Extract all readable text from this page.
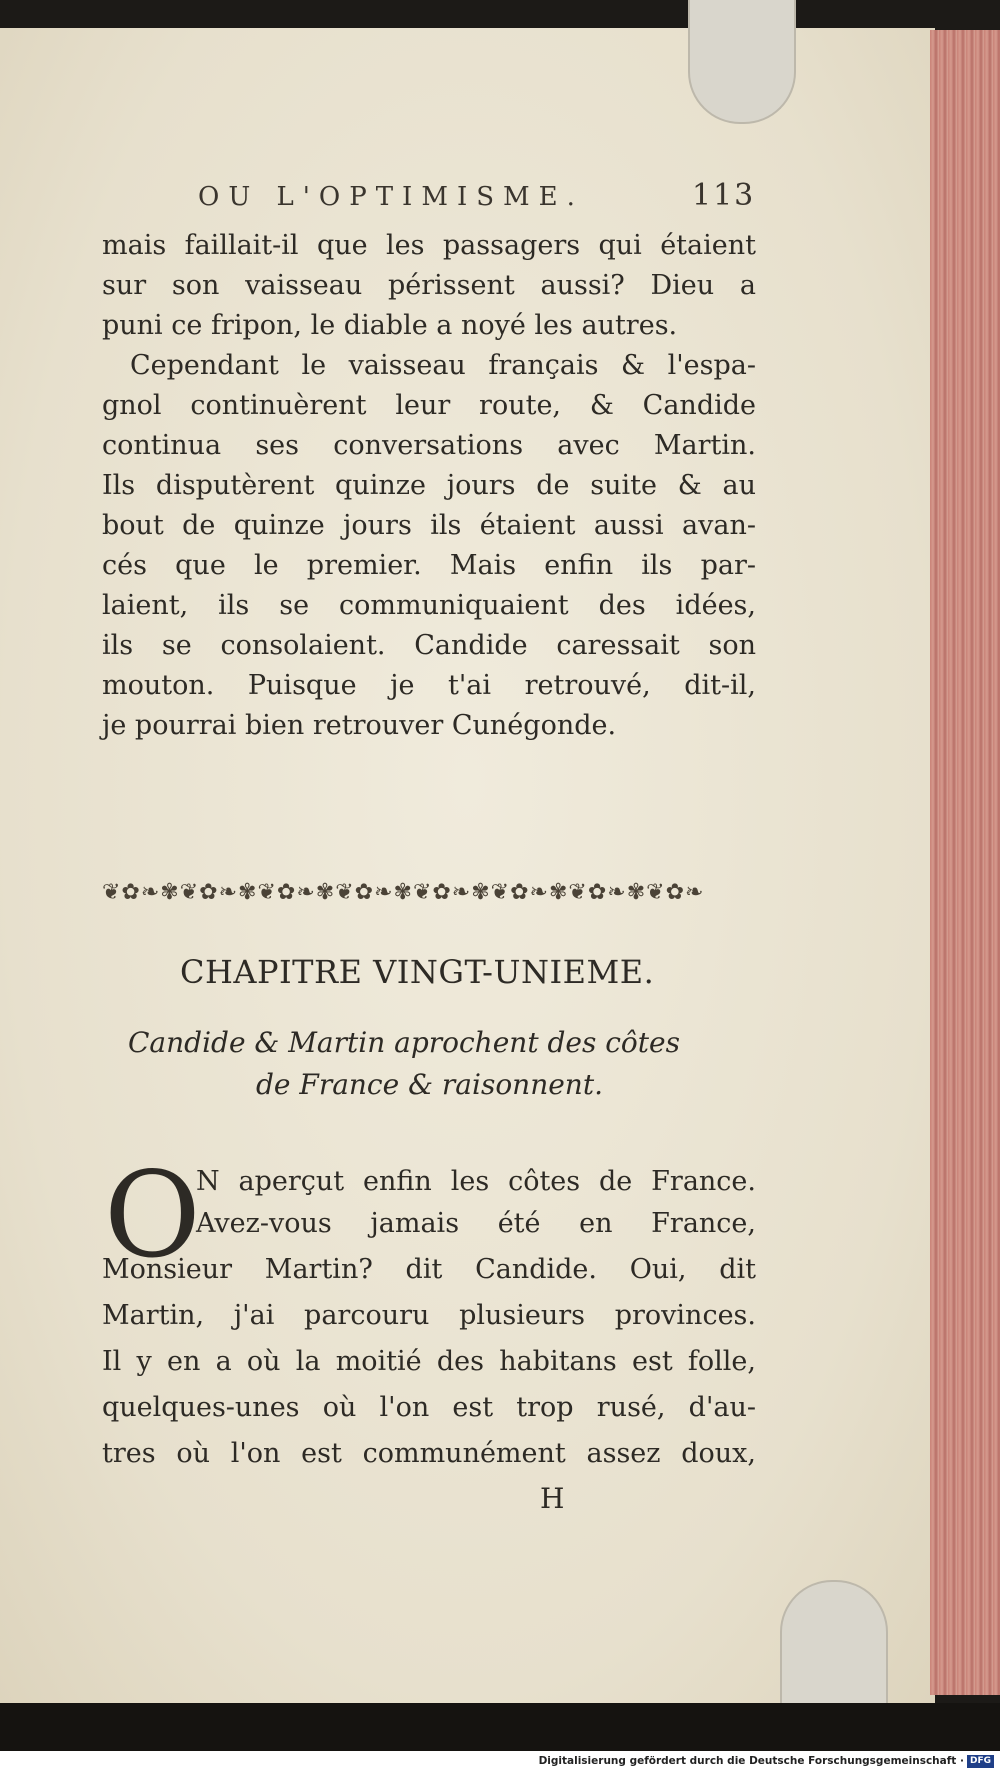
OU L'OPTIMISME.	113
mais faillait-il que les passagers qui étaient
sur son vaisseau périssent aussi? Dieu a
puni ce fripon, le diable a noyé les autres.
Cependant le vaisseau français & l'espa-
gnol continuèrent leur route, & Candide
continua ses conversations avec Martin.
Ils disputèrent quinze jours de suite & au
bout de quinze jours ils étaient aussi avan-
cés que le premier. Mais enfin ils par-
laient, ils se communiquaient des idées,
ils se consolaient. Candide caressait son
mouton. Puisque je t'ai retrouvé, dit-il,
je pourrai bien retrouver Cunégonde.
❦✿❧✾❦✿❧✾❦✿❧✾❦✿❧✾❦✿❧✾❦✿❧✾❦✿❧✾❦✿❧
CHAPITRE VINGT-UNIEME.
Candide & Martin aprochent des côtes
de France & raisonnent.
O
N aperçut enfin les côtes de France.
Avez-vous jamais été en France,
Monsieur Martin? dit Candide. Oui, dit
Martin, j'ai parcouru plusieurs provinces.
Il y en a où la moitié des habitans est folle,
quelques-unes où l'on est trop rusé, d'au-
tres où l'on est communément assez doux,
H
Digitalisierung gefördert durch die Deutsche Forschungsgemeinschaft · DFG
